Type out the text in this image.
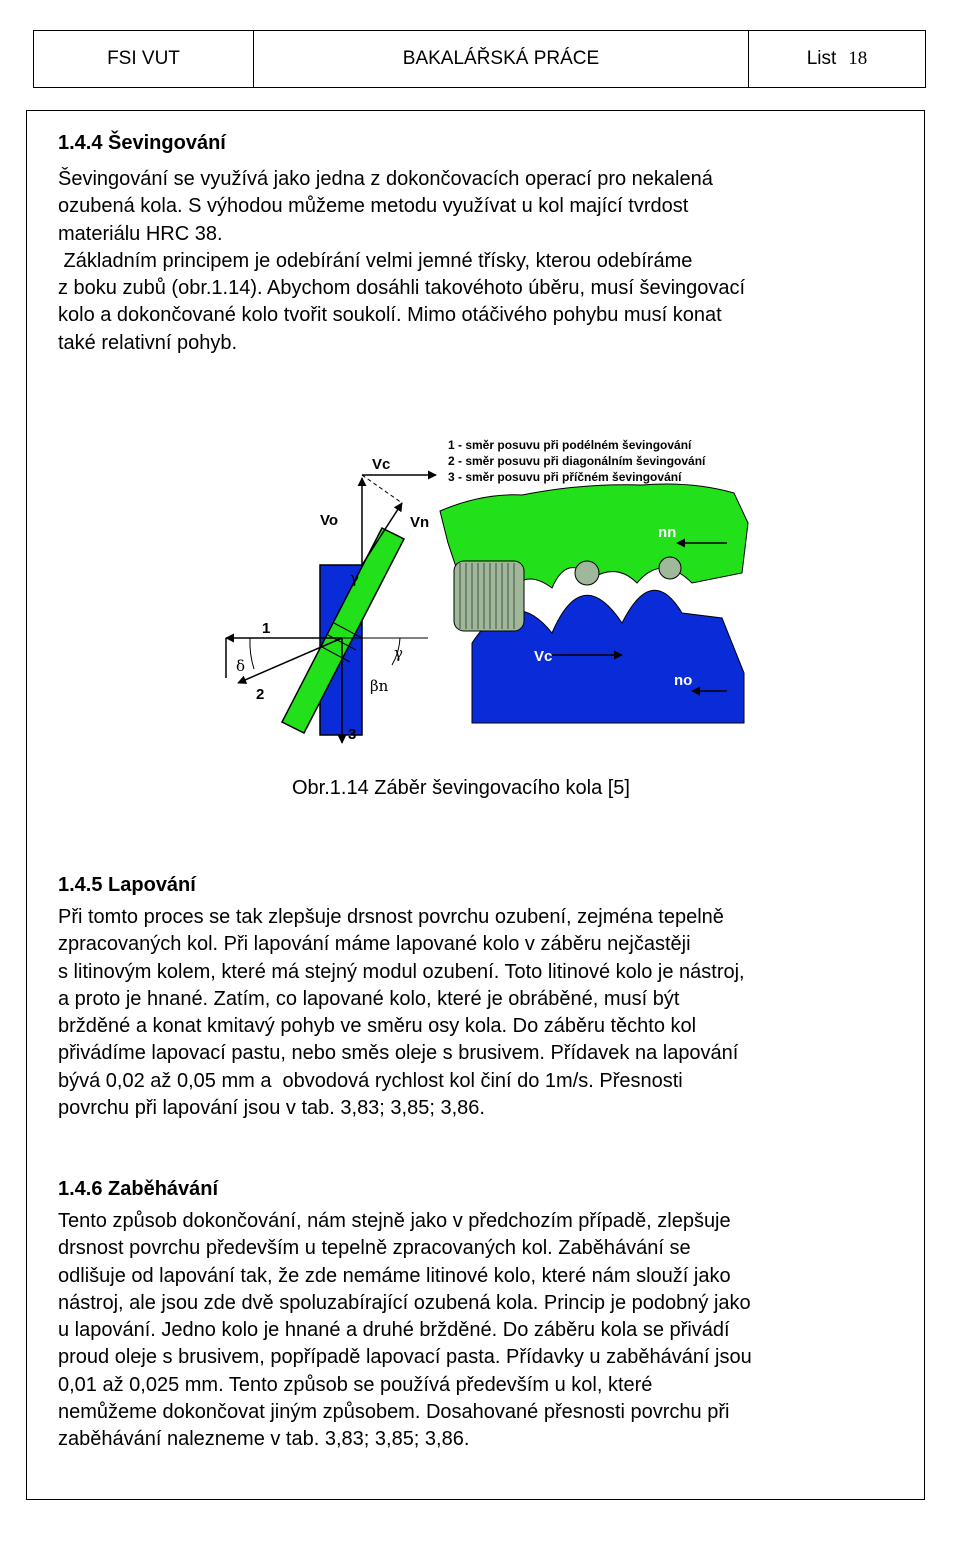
FSI VUT	BAKALÁŘSKÁ PRÁCE	List 18
1.4.4 Ševingování

Ševingování se využívá jako jedna z dokončovacích operací pro nekalená

ozubená kola. S výhodou můžeme metodu využívat u kol mající tvrdost

materiálu HRC 38.

Základním principem je odebírání velmi jemné třísky, kterou odebíráme

z boku zubů (obr.1.14). Abychom dosáhli takovéhoto úběru, musí ševingovací

kolo a dokončované kolo tvořit soukolí. Mimo otáčivého pohybu musí konat

také relativní pohyb.

Vc
Vo	Vn
γ
γ
δ
βn
1
2
3
nn
Vc
no
1 - směr posuvu při podélném ševingování
2 - směr posuvu při diagonálním ševingování
3 - směr posuvu při příčném ševingování
Obr.1.14 Záběr ševingovacího kola [5]
1.4.5 Lapování

Při tomto proces se tak zlepšuje drsnost povrchu ozubení, zejména tepelně

zpracovaných kol. Při lapování máme lapované kolo v záběru nejčastěji

s litinovým kolem, které má stejný modul ozubení. Toto litinové kolo je nástroj,

a proto je hnané. Zatím, co lapované kolo, které je obráběné, musí být

bržděné a konat kmitavý pohyb ve směru osy kola. Do záběru těchto kol

přivádíme lapovací pastu, nebo směs oleje s brusivem. Přídavek na lapování

bývá 0,02 až 0,05 mm a  obvodová rychlost kol činí do 1m/s. Přesnosti

povrchu při lapování jsou v tab. 3,83; 3,85; 3,86.

1.4.6 Zaběhávání

Tento způsob dokončování, nám stejně jako v předchozím případě, zlepšuje

drsnost povrchu především u tepelně zpracovaných kol. Zaběhávání se

odlišuje od lapování tak, že zde nemáme litinové kolo, které nám slouží jako

nástroj, ale jsou zde dvě spoluzabírající ozubená kola. Princip je podobný jako

u lapování. Jedno kolo je hnané a druhé bržděné. Do záběru kola se přivádí

proud oleje s brusivem, popřípadě lapovací pasta. Přídavky u zaběhávání jsou

0,01 až 0,025 mm. Tento způsob se používá především u kol, které

nemůžeme dokončovat jiným způsobem. Dosahované přesnosti povrchu při

zaběhávání nalezneme v tab. 3,83; 3,85; 3,86.
